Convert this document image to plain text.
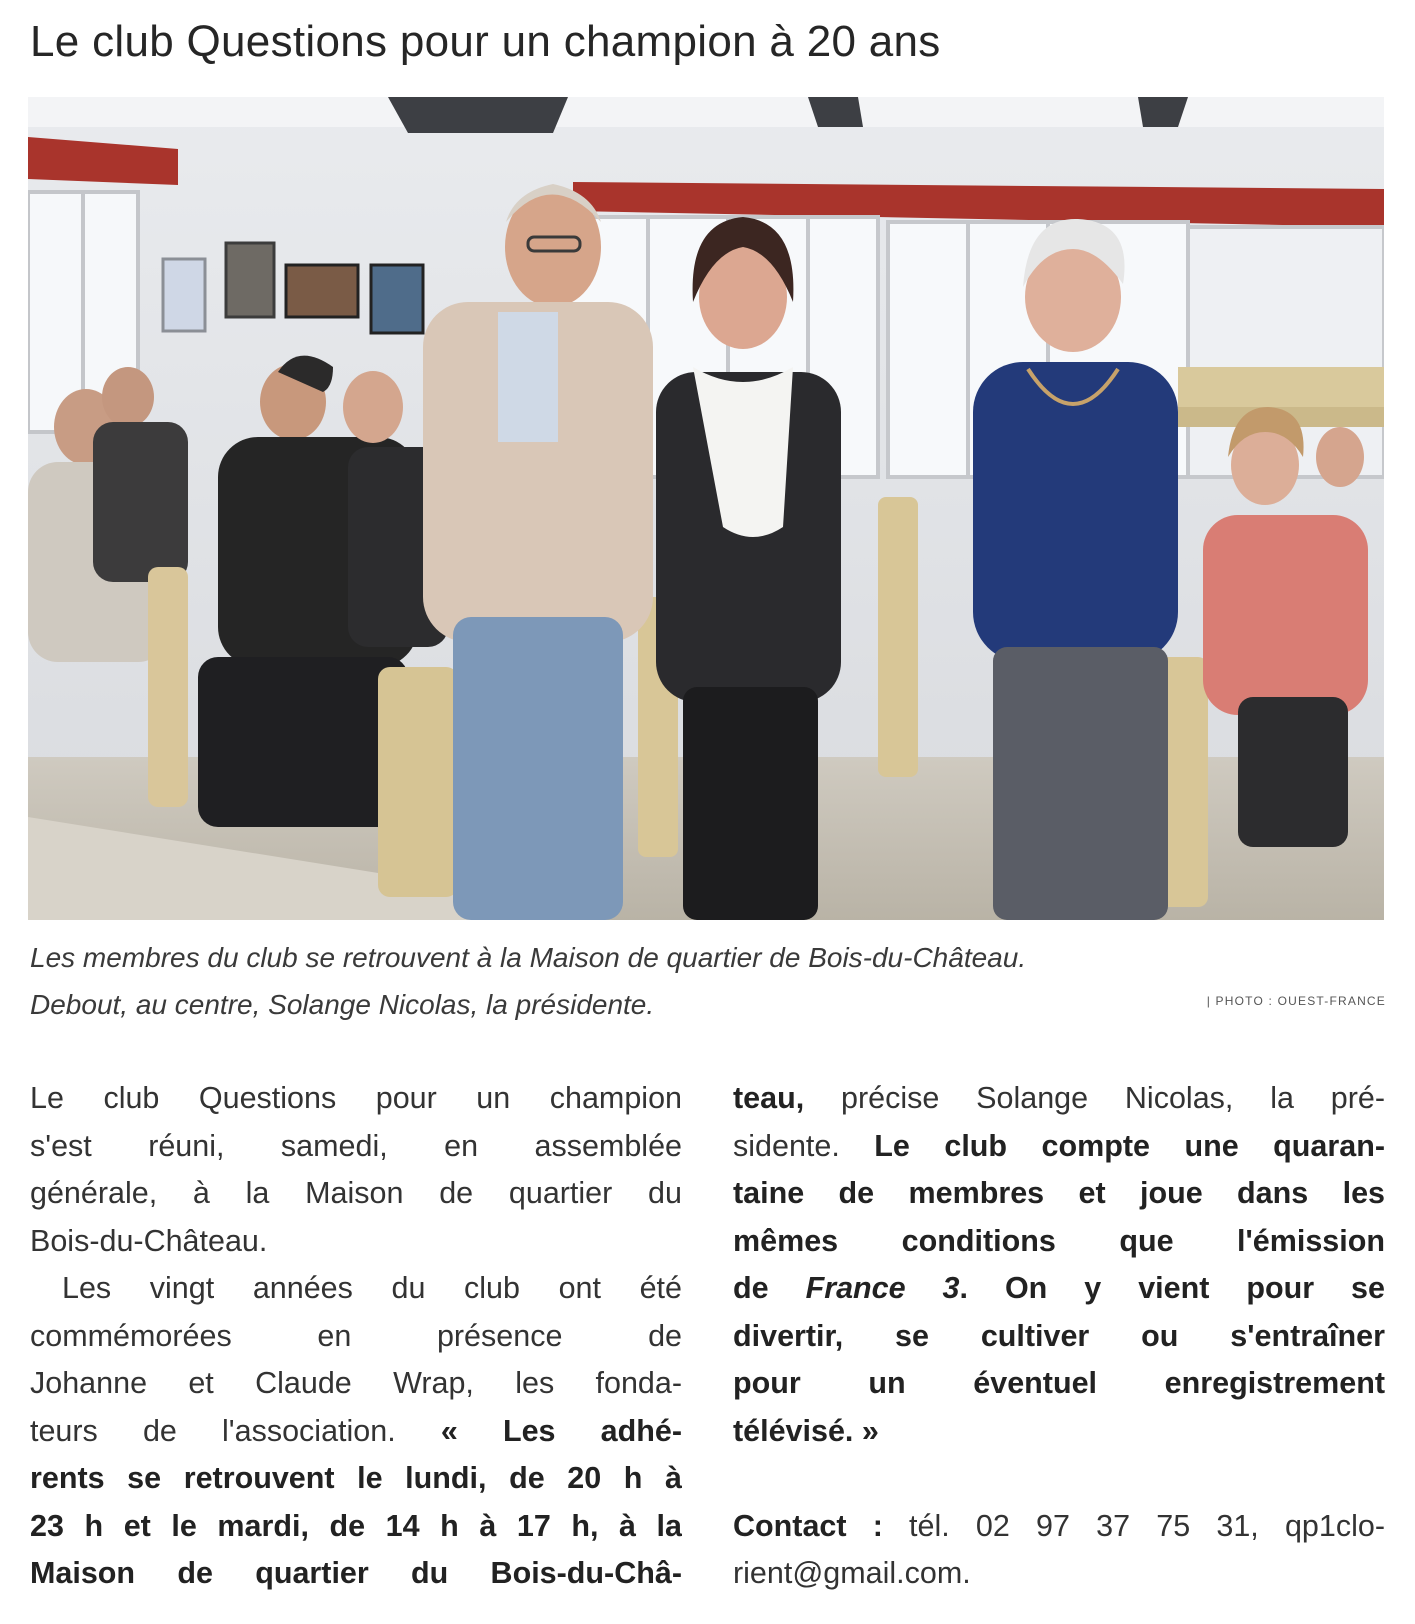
Le club Questions pour un champion à 20 ans
Les membres du club se retrouvent à la Maison de quartier de Bois-du-Château.
Debout, au centre, Solange Nicolas, la présidente.	| PHOTO : OUEST-FRANCE
Le club Questions pour un champion
s'est réuni, samedi, en assemblée
générale, à la Maison de quartier du
Bois-du-Château.
Les vingt années du club ont été
commémorées en présence de
Johanne et Claude Wrap, les fonda-
teurs de l'association. « Les adhé-
rents se retrouvent le lundi, de 20 h à
23 h et le mardi, de 14 h à 17 h, à la
Maison de quartier du Bois-du-Châ-
teau, précise Solange Nicolas, la pré-
sidente. Le club compte une quaran-
taine de membres et joue dans les
mêmes conditions que l'émission
de France 3. On y vient pour se
divertir, se cultiver ou s'entraîner
pour un éventuel enregistrement
télévisé. »
Contact : tél. 02 97 37 75 31, qp1clo-
rient@gmail.com.
